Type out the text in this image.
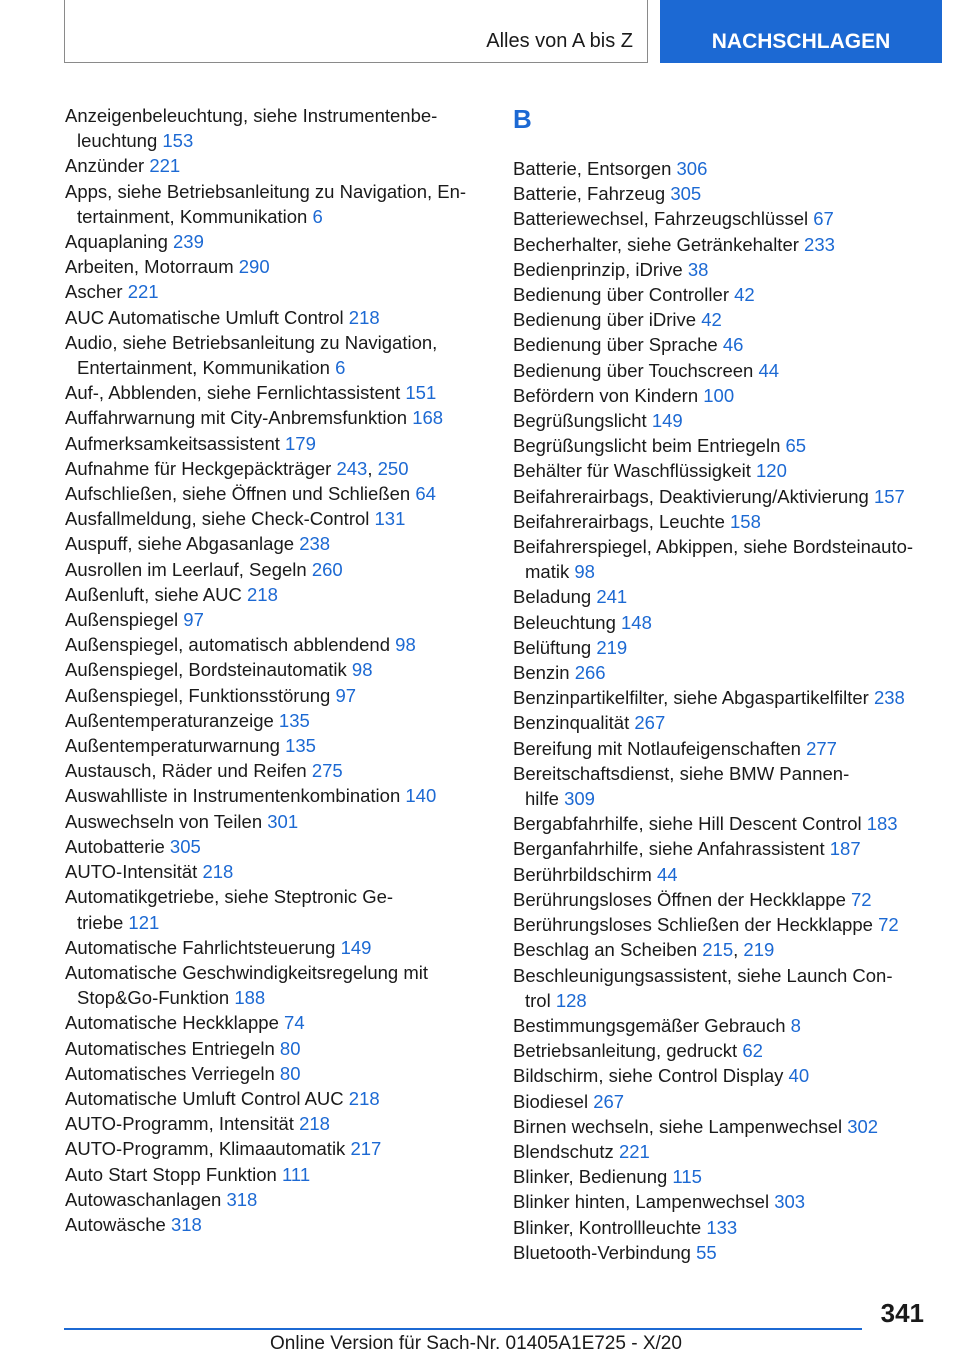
Alles von A bis Z	NACHSCHLAGEN
Anzeigenbeleuchtung, siehe Instrumentenbe-
leuchtung 153
Anzünder 221
Apps, siehe Betriebsanleitung zu Navigation, En-
tertainment, Kommunikation 6
Aquaplaning 239
Arbeiten, Motorraum 290
Ascher 221
AUC Automatische Umluft Control 218
Audio, siehe Betriebsanleitung zu Navigation,
Entertainment, Kommunikation 6
Auf-, Abblenden, siehe Fernlichtassistent 151
Auffahrwarnung mit City-Anbremsfunktion 168
Aufmerksamkeitsassistent 179
Aufnahme für Heckgepäckträger 243, 250
Aufschließen, siehe Öffnen und Schließen 64
Ausfallmeldung, siehe Check-Control 131
Auspuff, siehe Abgasanlage 238
Ausrollen im Leerlauf, Segeln 260
Außenluft, siehe AUC 218
Außenspiegel 97
Außenspiegel, automatisch abblendend 98
Außenspiegel, Bordsteinautomatik 98
Außenspiegel, Funktionsstörung 97
Außentemperaturanzeige 135
Außentemperaturwarnung 135
Austausch, Räder und Reifen 275
Auswahlliste in Instrumentenkombination 140
Auswechseln von Teilen 301
Autobatterie 305
AUTO-Intensität 218
Automatikgetriebe, siehe Steptronic Ge-
triebe 121
Automatische Fahrlichtsteuerung 149
Automatische Geschwindigkeitsregelung mit
Stop&Go-Funktion 188
Automatische Heckklappe 74
Automatisches Entriegeln 80
Automatisches Verriegeln 80
Automatische Umluft Control AUC 218
AUTO-Programm, Intensität 218
AUTO-Programm, Klimaautomatik 217
Auto Start Stopp Funktion 111
Autowaschanlagen 318
Autowäsche 318
B
Batterie, Entsorgen 306
Batterie, Fahrzeug 305
Batteriewechsel, Fahrzeugschlüssel 67
Becherhalter, siehe Getränkehalter 233
Bedienprinzip, iDrive 38
Bedienung über Controller 42
Bedienung über iDrive 42
Bedienung über Sprache 46
Bedienung über Touchscreen 44
Befördern von Kindern 100
Begrüßungslicht 149
Begrüßungslicht beim Entriegeln 65
Behälter für Waschflüssigkeit 120
Beifahrerairbags, Deaktivierung/Aktivierung 157
Beifahrerairbags, Leuchte 158
Beifahrerspiegel, Abkippen, siehe Bordsteinauto-
matik 98
Beladung 241
Beleuchtung 148
Belüftung 219
Benzin 266
Benzinpartikelfilter, siehe Abgaspartikelfilter 238
Benzinqualität 267
Bereifung mit Notlaufeigenschaften 277
Bereitschaftsdienst, siehe BMW Pannen-
hilfe 309
Bergabfahrhilfe, siehe Hill Descent Control 183
Berganfahrhilfe, siehe Anfahrassistent 187
Berührbildschirm 44
Berührungsloses Öffnen der Heckklappe 72
Berührungsloses Schließen der Heckklappe 72
Beschlag an Scheiben 215, 219
Beschleunigungsassistent, siehe Launch Con-
trol 128
Bestimmungsgemäßer Gebrauch 8
Betriebsanleitung, gedruckt 62
Bildschirm, siehe Control Display 40
Biodiesel 267
Birnen wechseln, siehe Lampenwechsel 302
Blendschutz 221
Blinker, Bedienung 115
Blinker hinten, Lampenwechsel 303
Blinker, Kontrollleuchte 133
Bluetooth-Verbindung 55
341
Online Version für Sach-Nr. 01405A1E725 - X/20
